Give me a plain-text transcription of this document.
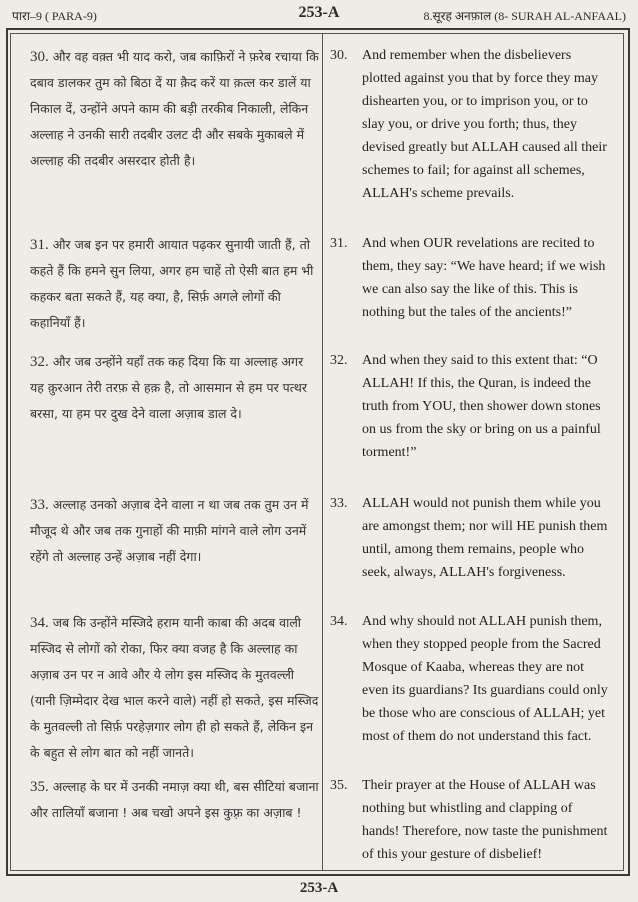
पारा–9 ( PARA-9)	253-A	8.सूरह अनफ़ाल (8- SURAH AL-ANFAAL)
30. और वह वक़्त भी याद करो, जब काफ़िरों ने फ़रेब रचाया कि दबाव डालकर तुम को बिठा दें या क़ैद करें या क़त्ल कर डालें या निकाल दें, उन्होंने अपने काम की बड़ी तरकीब निकाली, लेकिन अल्लाह ने उनकी सारी तदबीर उलट दी और सबके मुकाबले में अल्लाह की तदबीर असरदार होती है।
30. And remember when the disbelievers plotted against you that by force they may dishearten you, or to imprison you, or to slay you, or drive you forth; thus, they devised greatly but ALLAH caused all their schemes to fail; for against all schemes, ALLAH's scheme prevails.
31. और जब इन पर हमारी आयात पढ़कर सुनायी जाती हैं, तो कहते हैं कि हमने सुन लिया, अगर हम चाहें तो ऐसी बात हम भी कहकर बता सकते हैं, यह क्या, है, सिर्फ़ अगले लोगों की कहानियाँ हैं।
31. And when OUR revelations are recited to them, they say: “We have heard; if we wish we can also say the like of this. This is nothing but the tales of the ancients!”
32. और जब उन्होंने यहाँ तक कह दिया कि या अल्लाह अगर यह क़ुरआन तेरी तरफ़ से हक़ है, तो आसमान से हम पर पत्थर बरसा, या हम पर दुख देने वाला अज़ाब डाल दे।
32. And when they said to this extent that: “O ALLAH! If this, the Quran, is indeed the truth from YOU, then shower down stones on us from the sky or bring on us a painful torment!”
33. अल्लाह उनको अज़ाब देने वाला न था जब तक तुम उन में मौजूद थे और जब तक गुनाहों की माफ़ी मांगने वाले लोग उनमें रहेंगे तो अल्लाह उन्हें अज़ाब नहीं देगा।
33. ALLAH would not punish them while you are amongst them; nor will HE punish them until, among them remains, people who seek, always, ALLAH's forgiveness.
34. जब कि उन्होंने मस्जिदे हराम यानी काबा की अदब वाली मस्जिद से लोगों को रोका, फिर क्या वजह है कि अल्लाह का अज़ाब उन पर न आवे और ये लोग इस मस्जिद के मुतवल्ली (यानी ज़िम्मेदार देख भाल करने वाले) नहीं हो सकते, इस मस्जिद के मुतवल्ली तो सिर्फ़ परहेज़गार लोग ही हो सकते हैं, लेकिन इन के बहुत से लोग बात को नहीं जानते।
34. And why should not ALLAH punish them, when they stopped people from the Sacred Mosque of Kaaba, whereas they are not even its guardians? Its guardians could only be those who are conscious of ALLAH; yet most of them do not understand this fact.
35. अल्लाह के घर में उनकी नमाज़ क्या थी, बस सीटियां बजाना और तालियाँ बजाना ! अब चखो अपने इस कुफ़्र का अज़ाब !
35. Their prayer at the House of ALLAH was nothing but whistling and clapping of hands! Therefore, now taste the punishment of this your gesture of disbelief!
253-A
